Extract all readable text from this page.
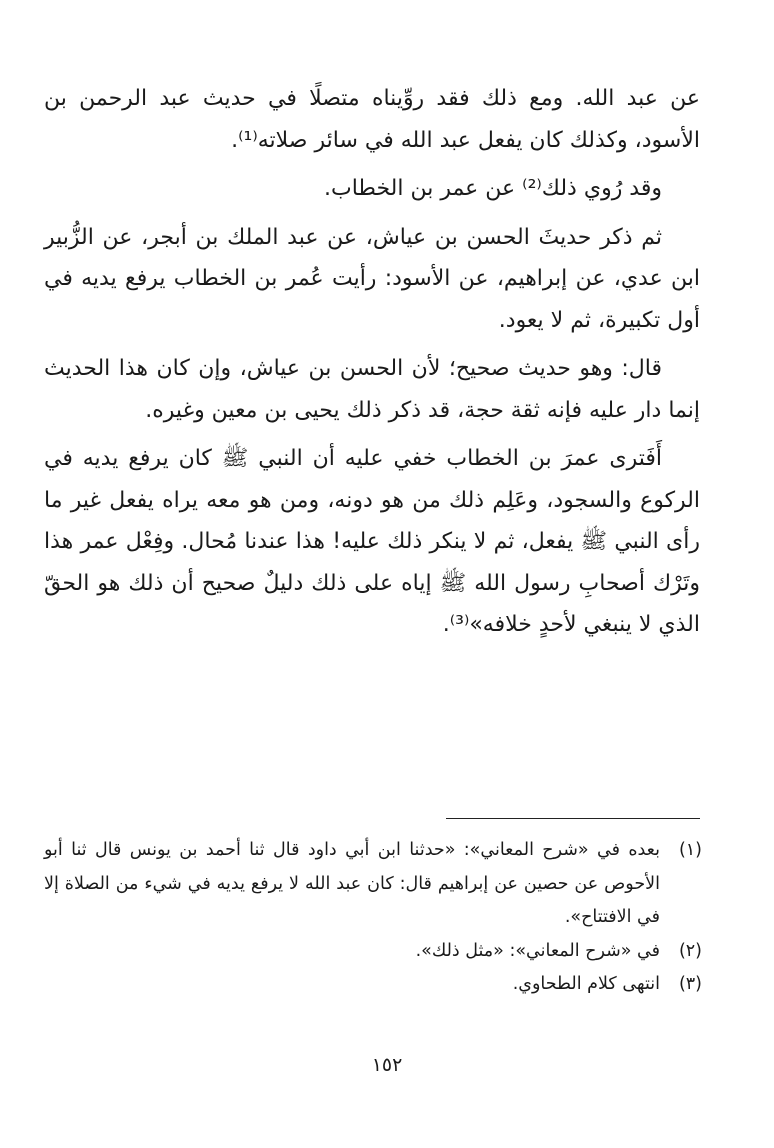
عن عبد الله. ومع ذلك فقد روِّيناه متصلًا في حديث عبد الرحمن بن الأسود، وكذلك كان يفعل عبد الله في سائر صلاته⁽¹⁾.

وقد رُوي ذلك⁽²⁾ عن عمر بن الخطاب.

ثم ذكر حديثَ الحسن بن عياش، عن عبد الملك بن أبجر، عن الزُّبير ابن عدي، عن إبراهيم، عن الأسود: رأيت عُمر بن الخطاب يرفع يديه في أول تكبيرة، ثم لا يعود.

قال: وهو حديث صحيح؛ لأن الحسن بن عياش، وإن كان هذا الحديث إنما دار عليه فإنه ثقة حجة، قد ذكر ذلك يحيى بن معين وغيره.

أَفَترى عمرَ بن الخطاب خفي عليه أن النبي ﷺ كان يرفع يديه في الركوع والسجود، وعَلِم ذلك من هو دونه، ومن هو معه يراه يفعل غير ما رأى النبي ﷺ يفعل، ثم لا ينكر ذلك عليه! هذا عندنا مُحال. وفِعْل عمر هذا وتَرْك أصحابِ رسول الله ﷺ إياه على ذلك دليلٌ صحيح أن ذلك هو الحقّ الذي لا ينبغي لأحدٍ خلافه»⁽³⁾.

(١)
بعده في «شرح المعاني»: «حدثنا ابن أبي داود قال ثنا أحمد بن يونس قال ثنا أبو الأحوص عن حصين عن إبراهيم قال: كان عبد الله لا يرفع يديه في شيء من الصلاة إلا في الافتتاح».
(٢)
في «شرح المعاني»: «مثل ذلك».
(٣)
انتهى كلام الطحاوي.
١٥٢
